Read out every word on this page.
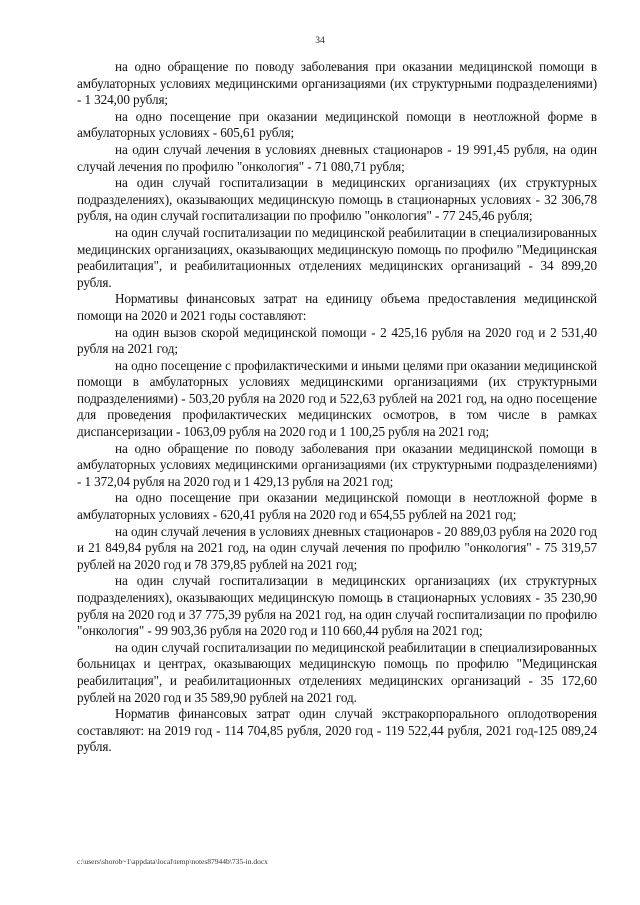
34

на одно обращение по поводу заболевания при оказании медицинской помощи в амбулаторных условиях медицинскими организациями (их структурными подразделениями) - 1 324,00 рубля;

на одно посещение при оказании медицинской помощи в неотложной форме в амбулаторных условиях - 605,61 рубля;

на один случай лечения в условиях дневных стационаров - 19 991,45 рубля, на один случай лечения по профилю "онкология" - 71 080,71 рубля;

на один случай госпитализации в медицинских организациях (их структурных подразделениях), оказывающих медицинскую помощь в стационарных условиях - 32 306,78 рубля, на один случай госпитализации по профилю "онкология" - 77 245,46 рубля;

на один случай госпитализации по медицинской реабилитации в специализированных медицинских организациях, оказывающих медицинскую помощь по профилю "Медицинская реабилитация", и реабилитационных отделениях медицинских организаций - 34 899,20 рубля.

Нормативы финансовых затрат на единицу объема предоставления медицинской помощи на 2020 и 2021 годы составляют:

на один вызов скорой медицинской помощи - 2 425,16 рубля на 2020 год и 2 531,40 рубля на 2021 год;

на одно посещение с профилактическими и иными целями при оказании медицинской помощи в амбулаторных условиях медицинскими организациями (их структурными подразделениями) - 503,20 рубля на 2020 год и 522,63 рублей на 2021 год, на одно посещение для проведения профилактических медицинских осмотров, в том числе в рамках диспансеризации - 1063,09 рубля на 2020 год и 1 100,25 рубля на 2021 год;

на одно обращение по поводу заболевания при оказании медицинской помощи в амбулаторных условиях медицинскими организациями (их структурными подразделениями) - 1 372,04 рубля на 2020 год и 1 429,13 рубля на 2021 год;

на одно посещение при оказании медицинской помощи в неотложной форме в амбулаторных условиях - 620,41 рубля на 2020 год и 654,55 рублей на 2021 год;

на один случай лечения в условиях дневных стационаров - 20 889,03 рубля на 2020 год и 21 849,84 рубля на 2021 год, на один случай лечения по профилю "онкология" - 75 319,57 рублей на 2020 год и 78 379,85 рублей на 2021 год;

на один случай госпитализации в медицинских организациях (их структурных подразделениях), оказывающих медицинскую помощь в стационарных условиях - 35 230,90 рубля на 2020 год и 37 775,39 рубля на 2021 год, на один случай госпитализации по профилю "онкология" - 99 903,36 рубля на 2020 год и 110 660,44 рубля на 2021 год;

на один случай госпитализации по медицинской реабилитации в специализированных больницах и центрах, оказывающих медицинскую помощь по профилю "Медицинская реабилитация", и реабилитационных отделениях медицинских организаций - 35 172,60 рублей на 2020 год и 35 589,90 рублей на 2021 год.

Норматив финансовых затрат один случай экстракорпорального оплодотворения составляют: на 2019 год - 114 704,85 рубля, 2020 год - 119 522,44 рубля, 2021 год-125 089,24 рубля.

c:\users\shorob~1\appdata\local\temp\notes87944b\735-in.docx
